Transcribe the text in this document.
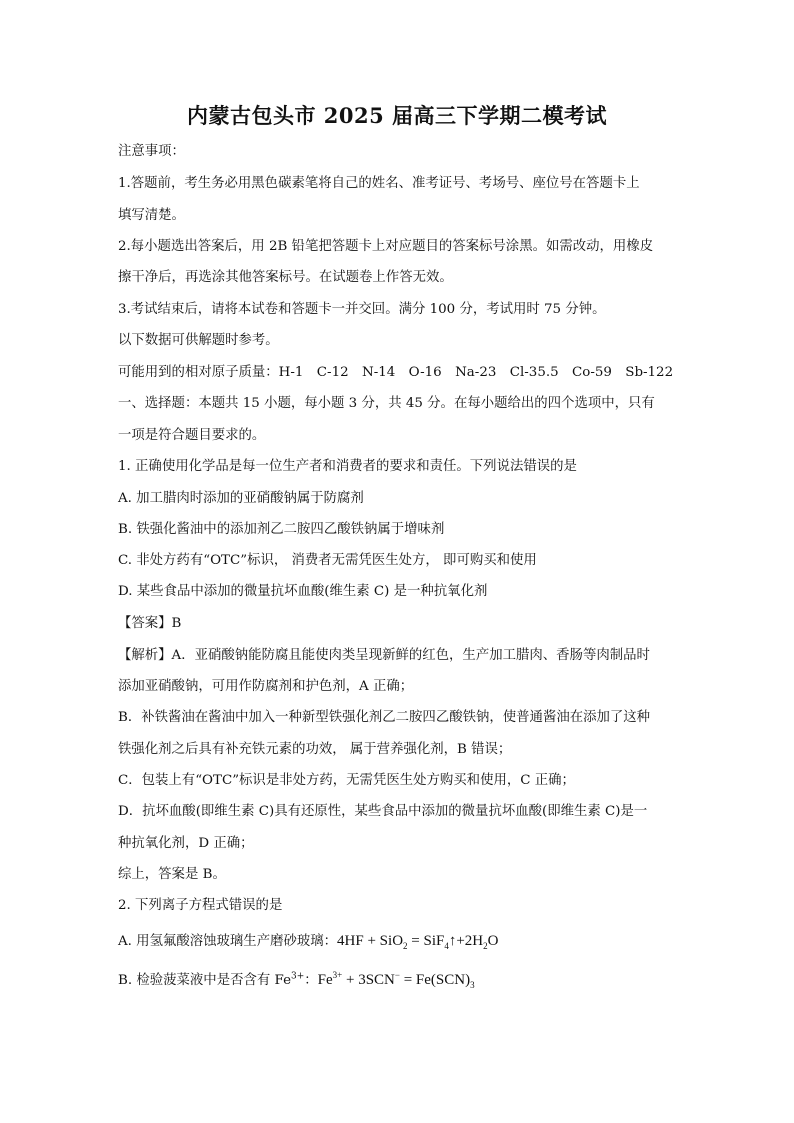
内蒙古包头市 2025 届高三下学期二模考试
注意事项：
1.答题前，考生务必用黑色碳素笔将自己的姓名、准考证号、考场号、座位号在答题卡上
填写清楚。
2.每小题选出答案后，用 2B 铅笔把答题卡上对应题目的答案标号涂黑。如需改动，用橡皮
擦干净后，再选涂其他答案标号。在试题卷上作答无效。
3.考试结束后，请将本试卷和答题卡一并交回。满分 100 分，考试用时 75 分钟。
以下数据可供解题时参考。
可能用到的相对原子质量：H-1　C-12　N-14　O-16　Na-23　Cl-35.5　Co-59　Sb-122
一、选择题：本题共 15 小题，每小题 3 分，共 45 分。在每小题给出的四个选项中，只有
一项是符合题目要求的。
1. 正确使用化学品是每一位生产者和消费者的要求和责任。下列说法错误的是
A. 加工腊肉时添加的亚硝酸钠属于防腐剂
B. 铁强化酱油中的添加剂乙二胺四乙酸铁钠属于增味剂
C. 非处方药有“OTC”标识， 消费者无需凭医生处方， 即可购买和使用
D. 某些食品中添加的微量抗坏血酸(维生素 C) 是一种抗氧化剂
【答案】B
【解析】A．亚硝酸钠能防腐且能使肉类呈现新鲜的红色，生产加工腊肉、香肠等肉制品时
添加亚硝酸钠，可用作防腐剂和护色剂，A 正确；
B．补铁酱油在酱油中加入一种新型铁强化剂乙二胺四乙酸铁钠，使普通酱油在添加了这种
铁强化剂之后具有补充铁元素的功效， 属于营养强化剂，B 错误；
C．包装上有“OTC”标识是非处方药，无需凭医生处方购买和使用，C 正确；
D．抗坏血酸(即维生素 C)具有还原性，某些食品中添加的微量抗坏血酸(即维生素 C)是一
种抗氧化剂，D 正确；
综上，答案是 B。
2. 下列离子方程式错误的是
A. 用氢氟酸溶蚀玻璃生产磨砂玻璃：$4HF + SiO_2 = SiF_4↑+2H_2O$
B. 检验菠菜液中是否含有 $Fe^{3+}$：$Fe^{3+} + 3SCN^- = Fe(SCN)_3$
